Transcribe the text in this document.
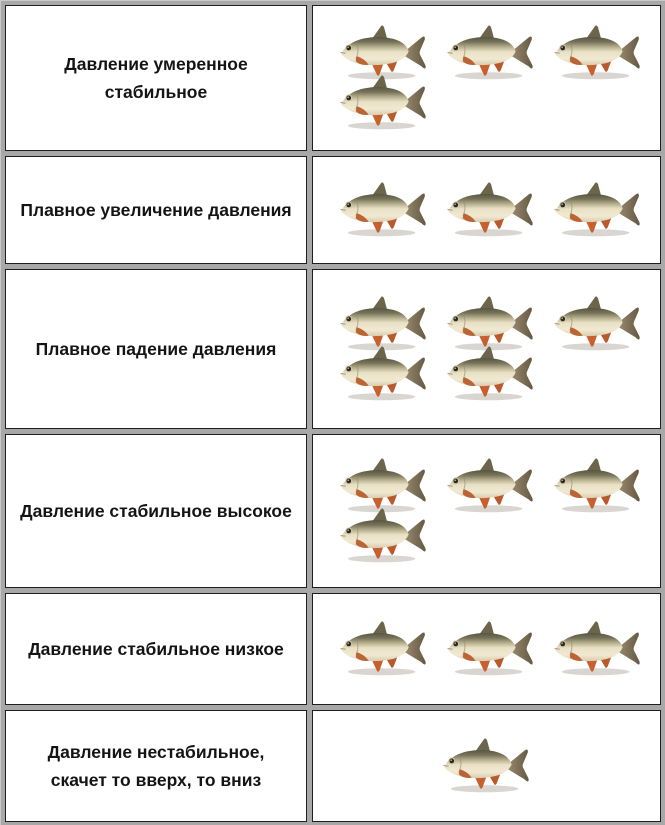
Давление умеренное стабильное
Плавное увеличение давления
Плавное падение давления
Давление стабильное высокое
Давление стабильное низкое
Давление нестабильное, скачет то вверх, то вниз
